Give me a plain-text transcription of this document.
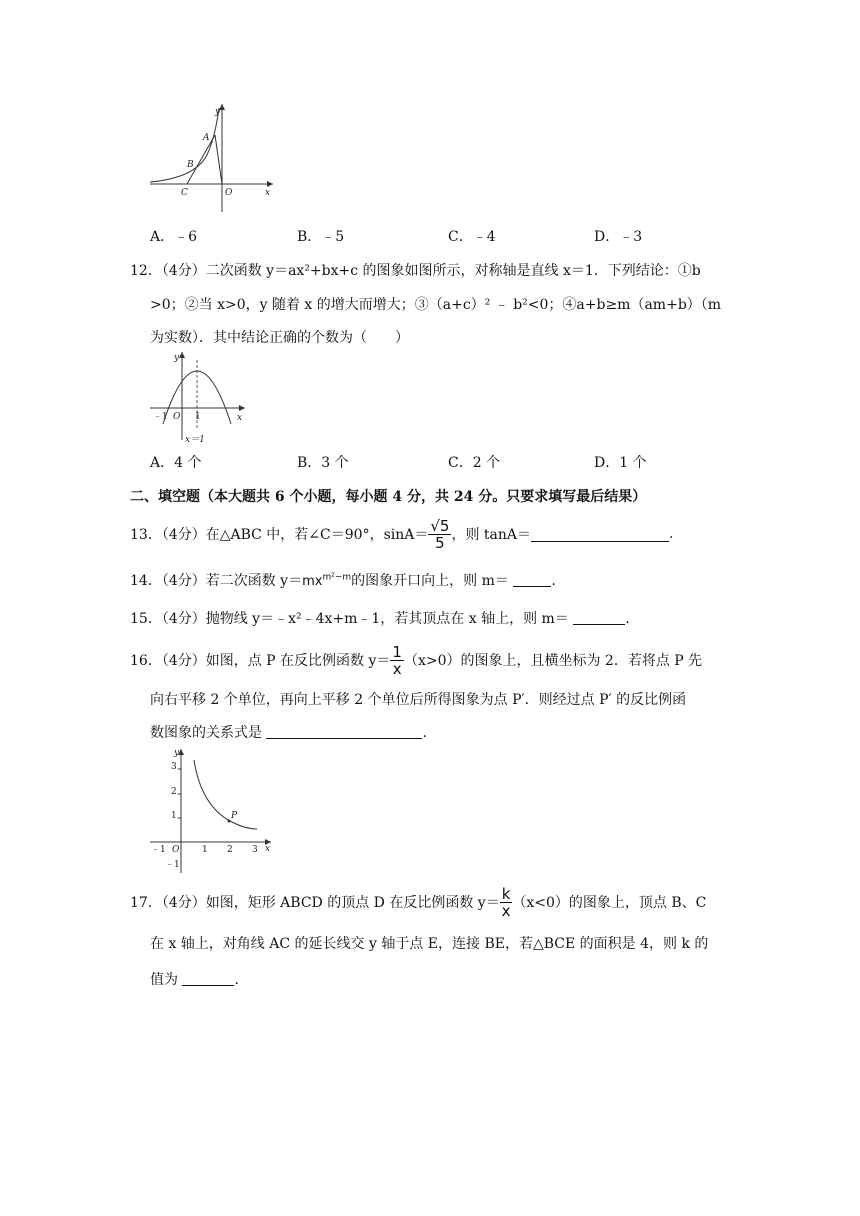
y
x
A
B
C	O
A．﹣6	B．﹣5	C．﹣4	D．﹣3
12．（4分）二次函数 y＝ax²+bx+c 的图象如图所示，对称轴是直线 x＝1．下列结论：①b
>0；②当 x>0，y 随着 x 的增大而增大；③（a+c）² ﹣ b²<0；④a+b≥m（am+b）（m
为实数）．其中结论正确的个数为（　　）
y
x
﹣1 O 1
x＝1
A．4 个	B．3 个	C．2 个	D．1 个
二、填空题（本大题共 6 个小题，每小题 4 分，共 24 分。只要求填写最后结果）
13．（4分）在△ABC 中，若∠C＝90°，$\sin A= \frac{√5}{5}$ ，则 tanA＝	.
14．（4分）若二次函数 $y=mx^{m^2-m}$的图象开口向上，则 m＝	.
15．（4分）抛物线 y＝﹣x²﹣4x+m﹣1，若其顶点在 x 轴上，则 m＝	.
16．（4分）如图，点 P 在反比例函数 $y= \frac{1}{x} (x>0)$的图象上，且横坐标为 2．若将点 P 先
向右平移 2 个单位，再向上平移 2 个单位后所得图象为点 P′．则经过点 P′ 的反比例函
数图象的关系式是	.
y
x
3
2
1
﹣1
﹣1	1 2 3
O
P
17．（4分）如图，矩形 ABCD 的顶点 D 在反比例函数 $y= \frac{k}{x} (x<0)$的图象上，顶点 B、C
在 x 轴上，对角线 AC 的延长线交 y 轴于点 E，连接 BE，若△BCE 的面积是 4，则 k 的
值为	.
